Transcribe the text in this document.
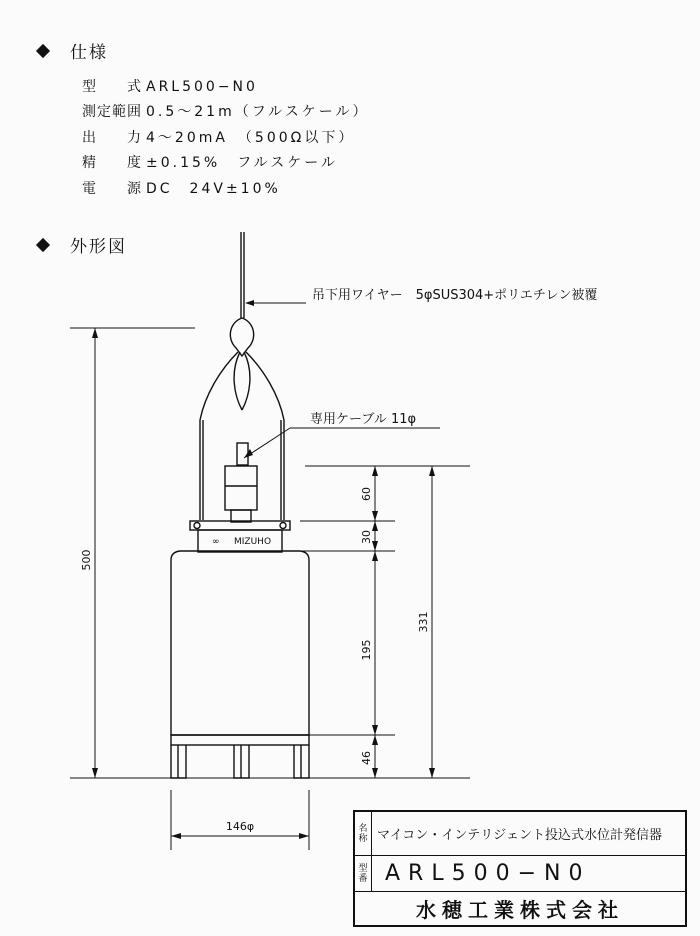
仕様
型　　式 ARL500−N0
測定範囲 0.5～21m（フルスケール）
出　　力 4～20mA　（500Ω以下）
精　　度 ±0.15%　フルスケール
電　　源 DC　24V±10%
外形図
500
331
60
30
195
46
146φ
吊下用ワイヤー　5φSUS304+ポリエチレン被覆
専用ケーブル 11φ
∞ MIZUHO
名称 マイコン・インテリジェント投込式水位計発信器
型番 ARL500−N0
水穂工業株式会社
